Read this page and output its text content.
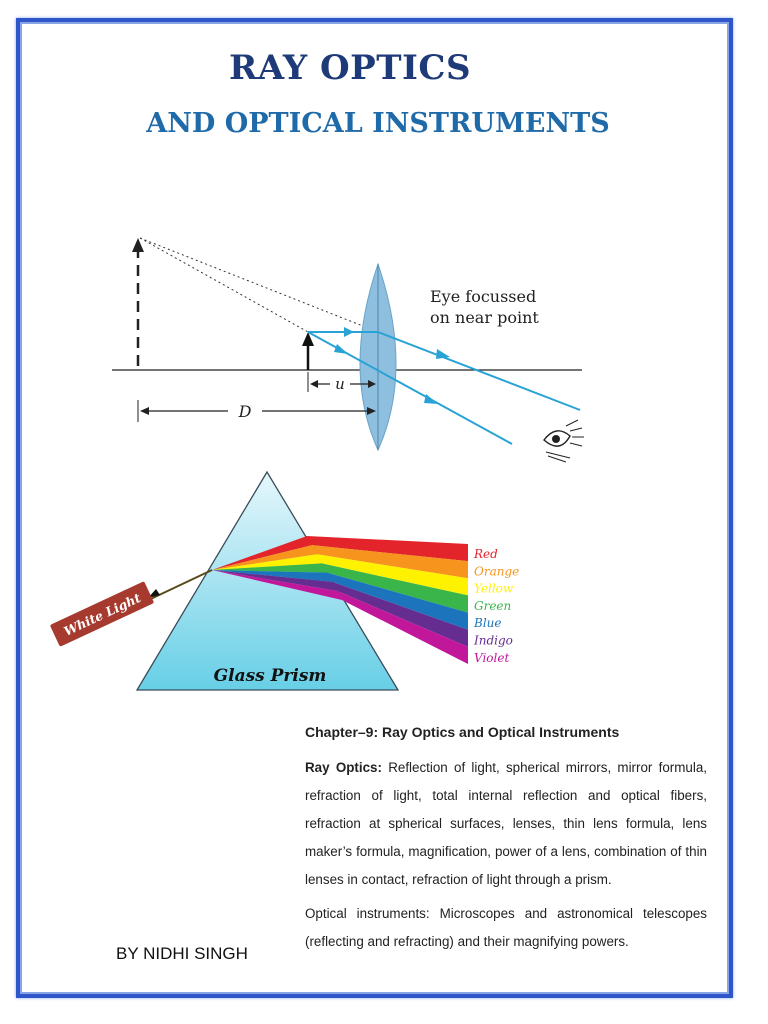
RAY OPTICS
AND OPTICAL INSTRUMENTS
u
D
Eye focussed
on near point
White Light
Glass Prism
Red
Orange
Yellow
Green
Blue
Indigo
Violet
Chapter–9: Ray Optics and Optical Instruments
Ray Optics: Reflection of light, spherical mirrors, mirror formula, refraction of light, total internal reflection and optical fibers, refraction at spherical surfaces, lenses, thin lens formula, lens maker’s formula, magnification, power of a lens, combination of thin lenses in contact, refraction of light through a prism.
Optical instruments: Microscopes and astronomical telescopes (reflecting and refracting) and their magnifying powers.
BY NIDHI SINGH
